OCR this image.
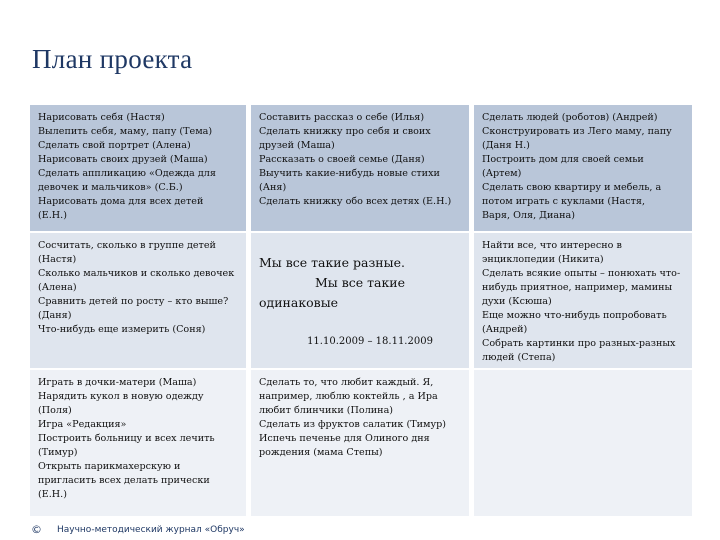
План проекта
Нарисовать себя (Настя)
Вылепить себя, маму, папу (Тема)
Сделать свой портрет (Алена)
Нарисовать своих друзей (Маша)
Сделать аппликацию «Одежда для
девочек и мальчиков» (С.Б.)
Нарисовать дома для всех детей
(Е.Н.)
Составить рассказ о себе (Илья)
Сделать книжку про себя и своих
друзей (Маша)
Рассказать о своей семье (Даня)
Выучить какие-нибудь новые стихи
(Аня)
Сделать книжку обо всех детях (Е.Н.)
Сделать людей (роботов) (Андрей)
Сконструировать из Лего маму, папу
(Даня Н.)
Построить дом для своей семьи
(Артем)
Сделать свою квартиру и мебель, а
потом играть с куклами (Настя,
Варя, Оля, Диана)
Сосчитать, сколько в группе детей
(Настя)
Сколько мальчиков и сколько девочек
(Алена)
Сравнить детей по росту – кто выше?
(Даня)
Что-нибудь еще измерить (Соня)
Мы все такие разные.
Мы все такие
одинаковые
11.10.2009 – 18.11.2009
Найти все, что интересно в
энциклопедии (Никита)
Сделать всякие опыты – понюхать что-
нибудь приятное, например, мамины
духи (Ксюша)
Еще можно что-нибудь попробовать
(Андрей)
Собрать картинки про разных-разных
людей (Степа)
Играть в дочки-матери (Маша)
Нарядить кукол в новую одежду
(Поля)
Игра «Редакция»
Построить больницу и всех лечить
(Тимур)
Открыть парикмахерскую и
пригласить всех делать прически
(Е.Н.)
Сделать то, что любит каждый. Я,
например, люблю коктейль , а Ира
любит блинчики (Полина)
Сделать из фруктов салатик (Тимур)
Испечь печенье для Олиного дня
рождения (мама Степы)
© Научно-методический журнал «Обруч»
